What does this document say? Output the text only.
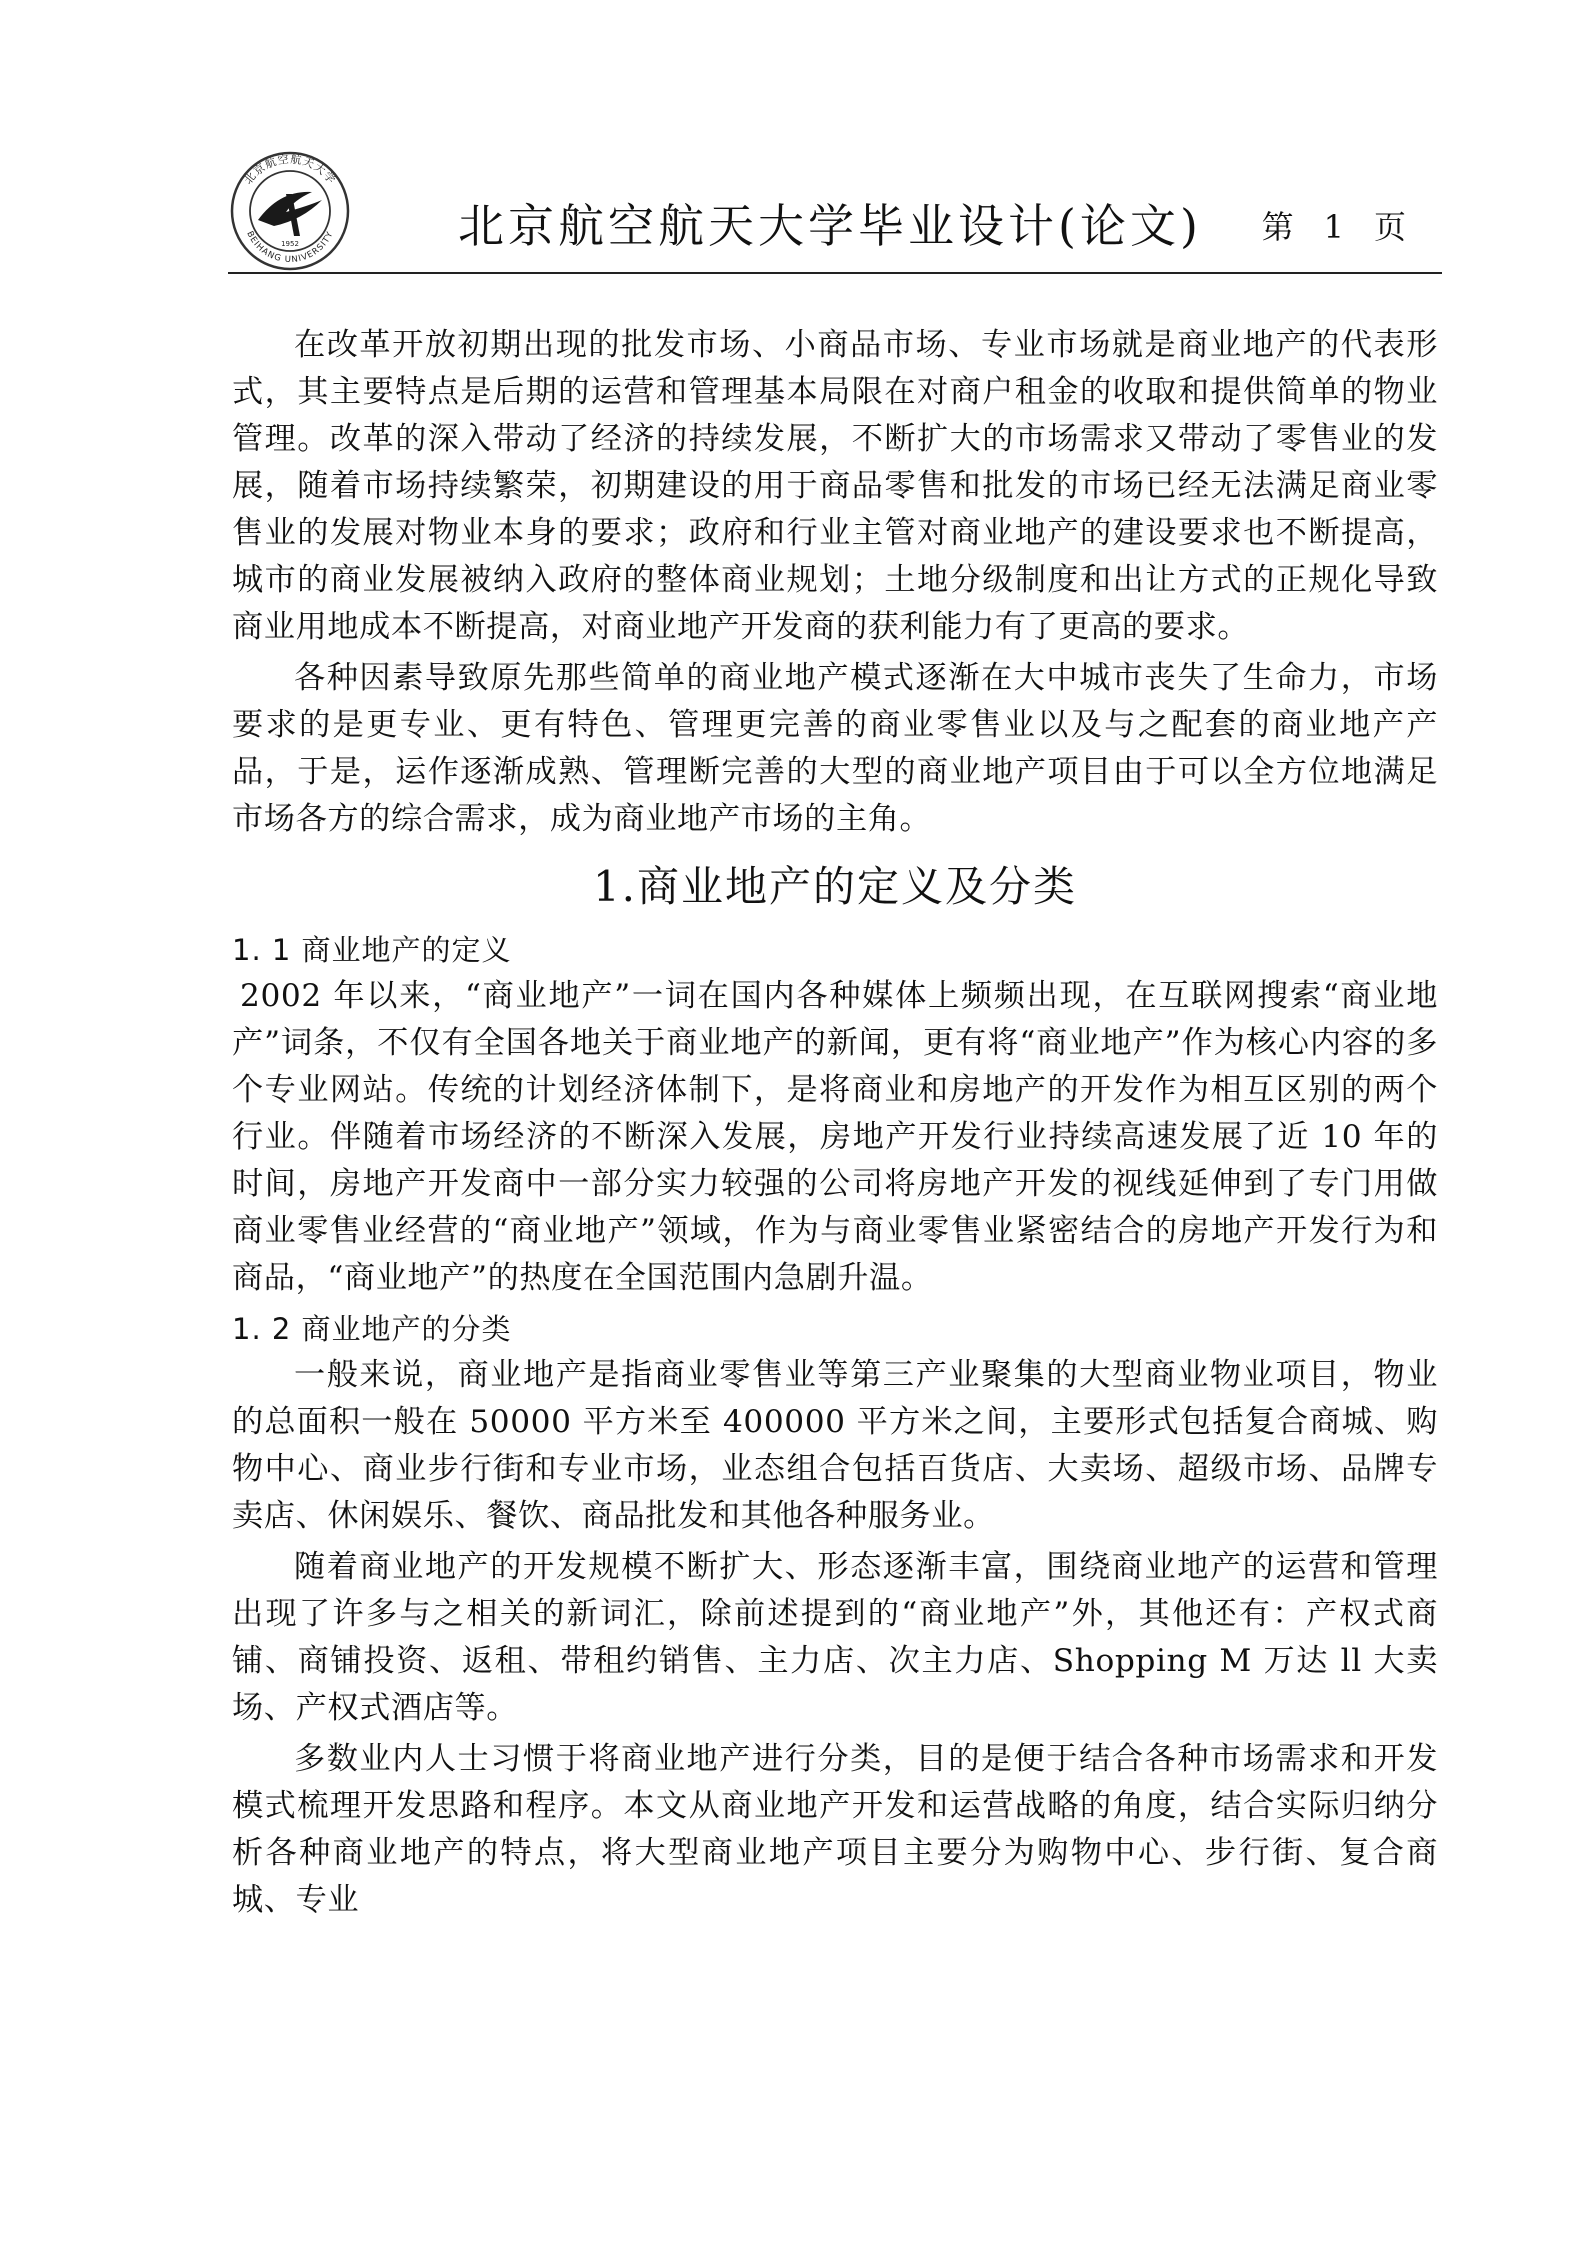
北京航空航天大学
BEIHANG UNIVERSITY
1952	北京航空航天大学毕业设计(论文)	第 1 页

在改革开放初期出现的批发市场、小商品市场、专业市场就是商业地产的代表形式，其主要特点是后期的运营和管理基本局限在对商户租金的收取和提供简单的物业管理。改革的深入带动了经济的持续发展，不断扩大的市场需求又带动了零售业的发展，随着市场持续繁荣，初期建设的用于商品零售和批发的市场已经无法满足商业零售业的发展对物业本身的要求；政府和行业主管对商业地产的建设要求也不断提高，城市的商业发展被纳入政府的整体商业规划；土地分级制度和出让方式的正规化导致商业用地成本不断提高，对商业地产开发商的获利能力有了更高的要求。

各种因素导致原先那些简单的商业地产模式逐渐在大中城市丧失了生命力，市场要求的是更专业、更有特色、管理更完善的商业零售业以及与之配套的商业地产产品，于是，运作逐渐成熟、管理断完善的大型的商业地产项目由于可以全方位地满足市场各方的综合需求，成为商业地产市场的主角。

1.商业地产的定义及分类
1. 1 商业地产的定义

2002 年以来，“商业地产”一词在国内各种媒体上频频出现，在互联网搜索“商业地产”词条，不仅有全国各地关于商业地产的新闻，更有将“商业地产”作为核心内容的多个专业网站。传统的计划经济体制下，是将商业和房地产的开发作为相互区别的两个行业。伴随着市场经济的不断深入发展，房地产开发行业持续高速发展了近 10 年的时间，房地产开发商中一部分实力较强的公司将房地产开发的视线延伸到了专门用做商业零售业经营的“商业地产”领域，作为与商业零售业紧密结合的房地产开发行为和商品，“商业地产”的热度在全国范围内急剧升温。

1. 2 商业地产的分类

一般来说，商业地产是指商业零售业等第三产业聚集的大型商业物业项目，物业的总面积一般在 50000 平方米至 400000 平方米之间，主要形式包括复合商城、购物中心、商业步行街和专业市场，业态组合包括百货店、大卖场、超级市场、品牌专卖店、休闲娱乐、餐饮、商品批发和其他各种服务业。

随着商业地产的开发规模不断扩大、形态逐渐丰富，围绕商业地产的运营和管理出现了许多与之相关的新词汇，除前述提到的“商业地产”外，其他还有：产权式商铺、商铺投资、返租、带租约销售、主力店、次主力店、Shopping M 万达 ll 大卖场、产权式酒店等。

多数业内人士习惯于将商业地产进行分类，目的是便于结合各种市场需求和开发模式梳理开发思路和程序。本文从商业地产开发和运营战略的角度，结合实际归纳分析各种商业地产的特点，将大型商业地产项目主要分为购物中心、步行街、复合商城、专业
